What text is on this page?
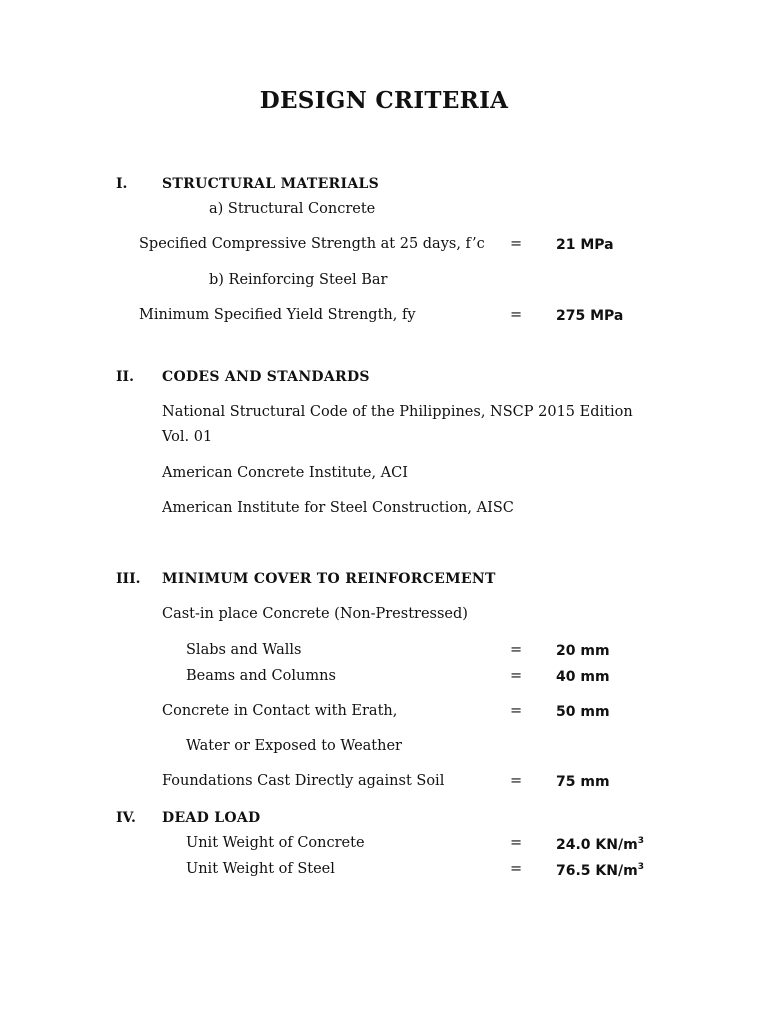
DESIGN CRITERIA
I. STRUCTURAL MATERIALS
a) Structural Concrete
Specified Compressive Strength at 25 days, f’c = 21 MPa
b) Reinforcing Steel Bar
Minimum Specified Yield Strength, fy	= 275 MPa
II. CODES AND STANDARDS
National Structural Code of the Philippines, NSCP 2015 Edition
Vol. 01
American Concrete Institute, ACI
American Institute for Steel Construction, AISC
III. MINIMUM COVER TO REINFORCEMENT
Cast-in place Concrete (Non-Prestressed)
Slabs and Walls	= 20 mm
Beams and Columns	= 40 mm
Concrete in Contact with Erath,	= 50 mm
Water or Exposed to Weather
Foundations Cast Directly against Soil	= 75 mm
IV. DEAD LOAD
Unit Weight of Concrete	= 24.0 $KN/m^3$
Unit Weight of Steel	= 76.5 $KN/m^3$
